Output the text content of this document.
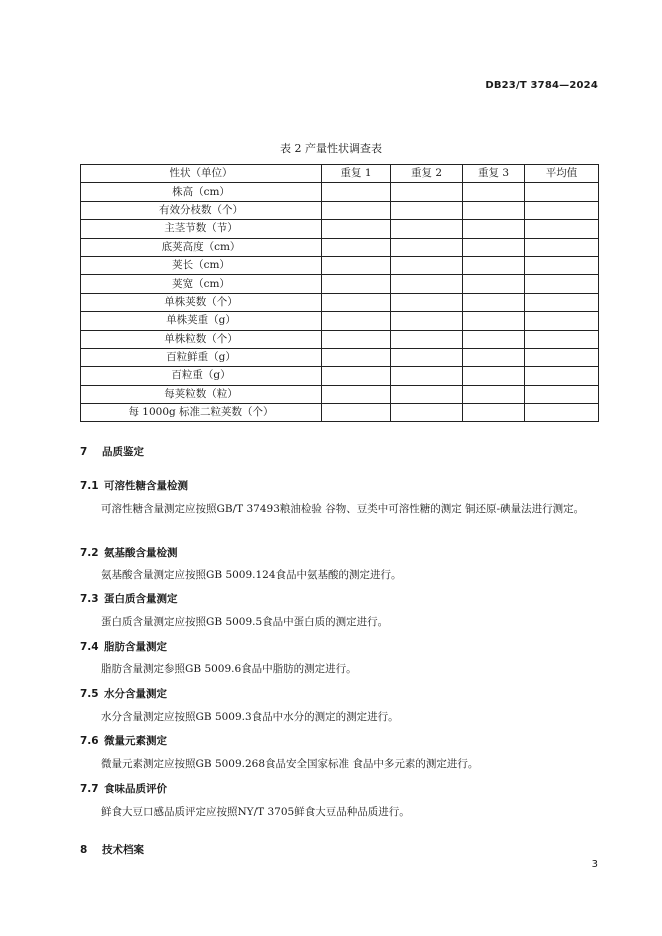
DB23/T 3784—2024
表 2 产量性状调查表
性状（单位）	重复 1	重复 2	重复 3	平均值
株高（cm）				
有效分枝数（个）				
主茎节数（节）				
底荚高度（cm）				
荚长（cm）				
荚宽（cm）				
单株荚数（个）				
单株荚重（g）				
单株粒数（个）				
百粒鲜重（g）				
百粒重（g）				
每荚粒数（粒）				
每 1000g 标准二粒荚数（个）				
7 品质鉴定
7.1 可溶性糖含量检测
可溶性糖含量测定应按照GB/T 37493粮油检验 谷物、豆类中可溶性糖的测定 铜还原-碘量法进行测定。
7.2 氨基酸含量检测
氨基酸含量测定应按照GB 5009.124食品中氨基酸的测定进行。
7.3 蛋白质含量测定
蛋白质含量测定应按照GB 5009.5食品中蛋白质的测定进行。
7.4 脂肪含量测定
脂肪含量测定参照GB 5009.6食品中脂肪的测定进行。
7.5 水分含量测定
水分含量测定应按照GB 5009.3食品中水分的测定的测定进行。
7.6 微量元素测定
微量元素测定应按照GB 5009.268食品安全国家标准 食品中多元素的测定进行。
7.7 食味品质评价
鲜食大豆口感品质评定应按照NY/T 3705鲜食大豆品种品质进行。
8 技术档案
3
